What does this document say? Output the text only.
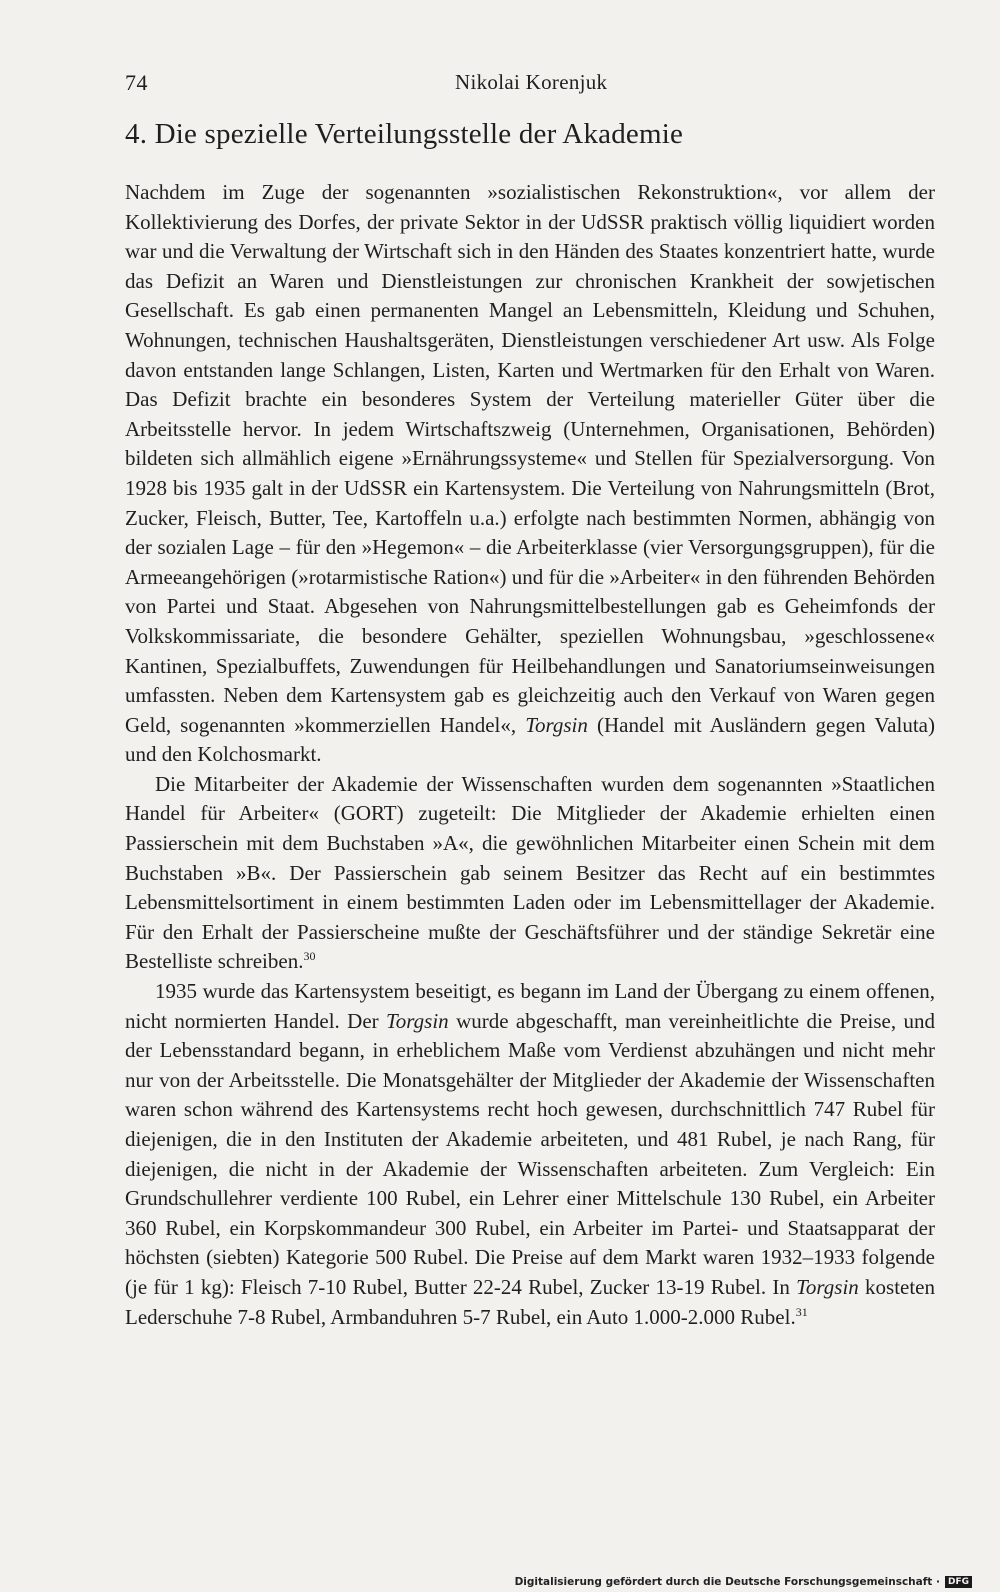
74	Nikolai Korenjuk
4. Die spezielle Verteilungsstelle der Akademie

Nachdem im Zuge der sogenannten »sozialistischen Rekonstruktion«, vor allem der Kollektivierung des Dorfes, der private Sektor in der UdSSR praktisch völlig liquidiert worden war und die Verwaltung der Wirtschaft sich in den Händen des Staates konzentriert hatte, wurde das Defizit an Waren und Dienstleistungen zur chronischen Krankheit der sowjetischen Gesellschaft. Es gab einen permanenten Mangel an Lebensmitteln, Kleidung und Schuhen, Wohnungen, technischen Haushaltsgeräten, Dienstleistungen verschiedener Art usw. Als Folge davon entstanden lange Schlangen, Listen, Karten und Wertmarken für den Erhalt von Waren. Das Defizit brachte ein besonderes System der Verteilung materieller Güter über die Arbeitsstelle hervor. In jedem Wirtschaftszweig (Unternehmen, Organisationen, Behörden) bildeten sich allmählich eigene »Ernährungssysteme« und Stellen für Spezialversorgung. Von 1928 bis 1935 galt in der UdSSR ein Kartensystem. Die Verteilung von Nahrungsmitteln (Brot, Zucker, Fleisch, Butter, Tee, Kartoffeln u.a.) erfolgte nach bestimmten Normen, abhängig von der sozialen Lage – für den »Hegemon« – die Arbeiterklasse (vier Versorgungsgruppen), für die Armeeangehörigen (»rotarmistische Ration«) und für die »Arbeiter« in den führenden Behörden von Partei und Staat. Abgesehen von Nahrungsmittelbestellungen gab es Geheimfonds der Volkskommissariate, die besondere Gehälter, speziellen Wohnungsbau, »geschlossene« Kantinen, Spezialbuffets, Zuwendungen für Heilbehandlungen und Sanatoriumseinweisungen umfassten. Neben dem Kartensystem gab es gleichzeitig auch den Verkauf von Waren gegen Geld, sogenannten »kommerziellen Handel«, Torgsin (Handel mit Ausländern gegen Valuta) und den Kolchosmarkt.

Die Mitarbeiter der Akademie der Wissenschaften wurden dem sogenannten »Staatlichen Handel für Arbeiter« (GORT) zugeteilt: Die Mitglieder der Akademie erhielten einen Passierschein mit dem Buchstaben »A«, die gewöhnlichen Mitarbeiter einen Schein mit dem Buchstaben »B«. Der Passierschein gab seinem Besitzer das Recht auf ein bestimmtes Lebensmittelsortiment in einem bestimmten Laden oder im Lebensmittellager der Akademie. Für den Erhalt der Passierscheine mußte der Geschäftsführer und der ständige Sekretär eine Bestelliste schreiben.$^{30}$

1935 wurde das Kartensystem beseitigt, es begann im Land der Übergang zu einem offenen, nicht normierten Handel. Der Torgsin wurde abgeschafft, man vereinheitlichte die Preise, und der Lebensstandard begann, in erheblichem Maße vom Verdienst abzuhängen und nicht mehr nur von der Arbeitsstelle. Die Monatsgehälter der Mitglieder der Akademie der Wissenschaften waren schon während des Kartensystems recht hoch gewesen, durchschnittlich 747 Rubel für diejenigen, die in den Instituten der Akademie arbeiteten, und 481 Rubel, je nach Rang, für diejenigen, die nicht in der Akademie der Wissenschaften arbeiteten. Zum Vergleich: Ein Grundschullehrer verdiente 100 Rubel, ein Lehrer einer Mittelschule 130 Rubel, ein Arbeiter 360 Rubel, ein Korpskommandeur 300 Rubel, ein Arbeiter im Partei- und Staatsapparat der höchsten (siebten) Kategorie 500 Rubel. Die Preise auf dem Markt waren 1932–1933 folgende (je für 1 kg): Fleisch 7-10 Rubel, Butter 22-24 Rubel, Zucker 13-19 Rubel. In Torgsin kosteten Lederschuhe 7-8 Rubel, Armbanduhren 5-7 Rubel, ein Auto 1.000-2.000 Rubel.$^{31}$

Digitalisierung gefördert durch die Deutsche Forschungsgemeinschaft · DFG
